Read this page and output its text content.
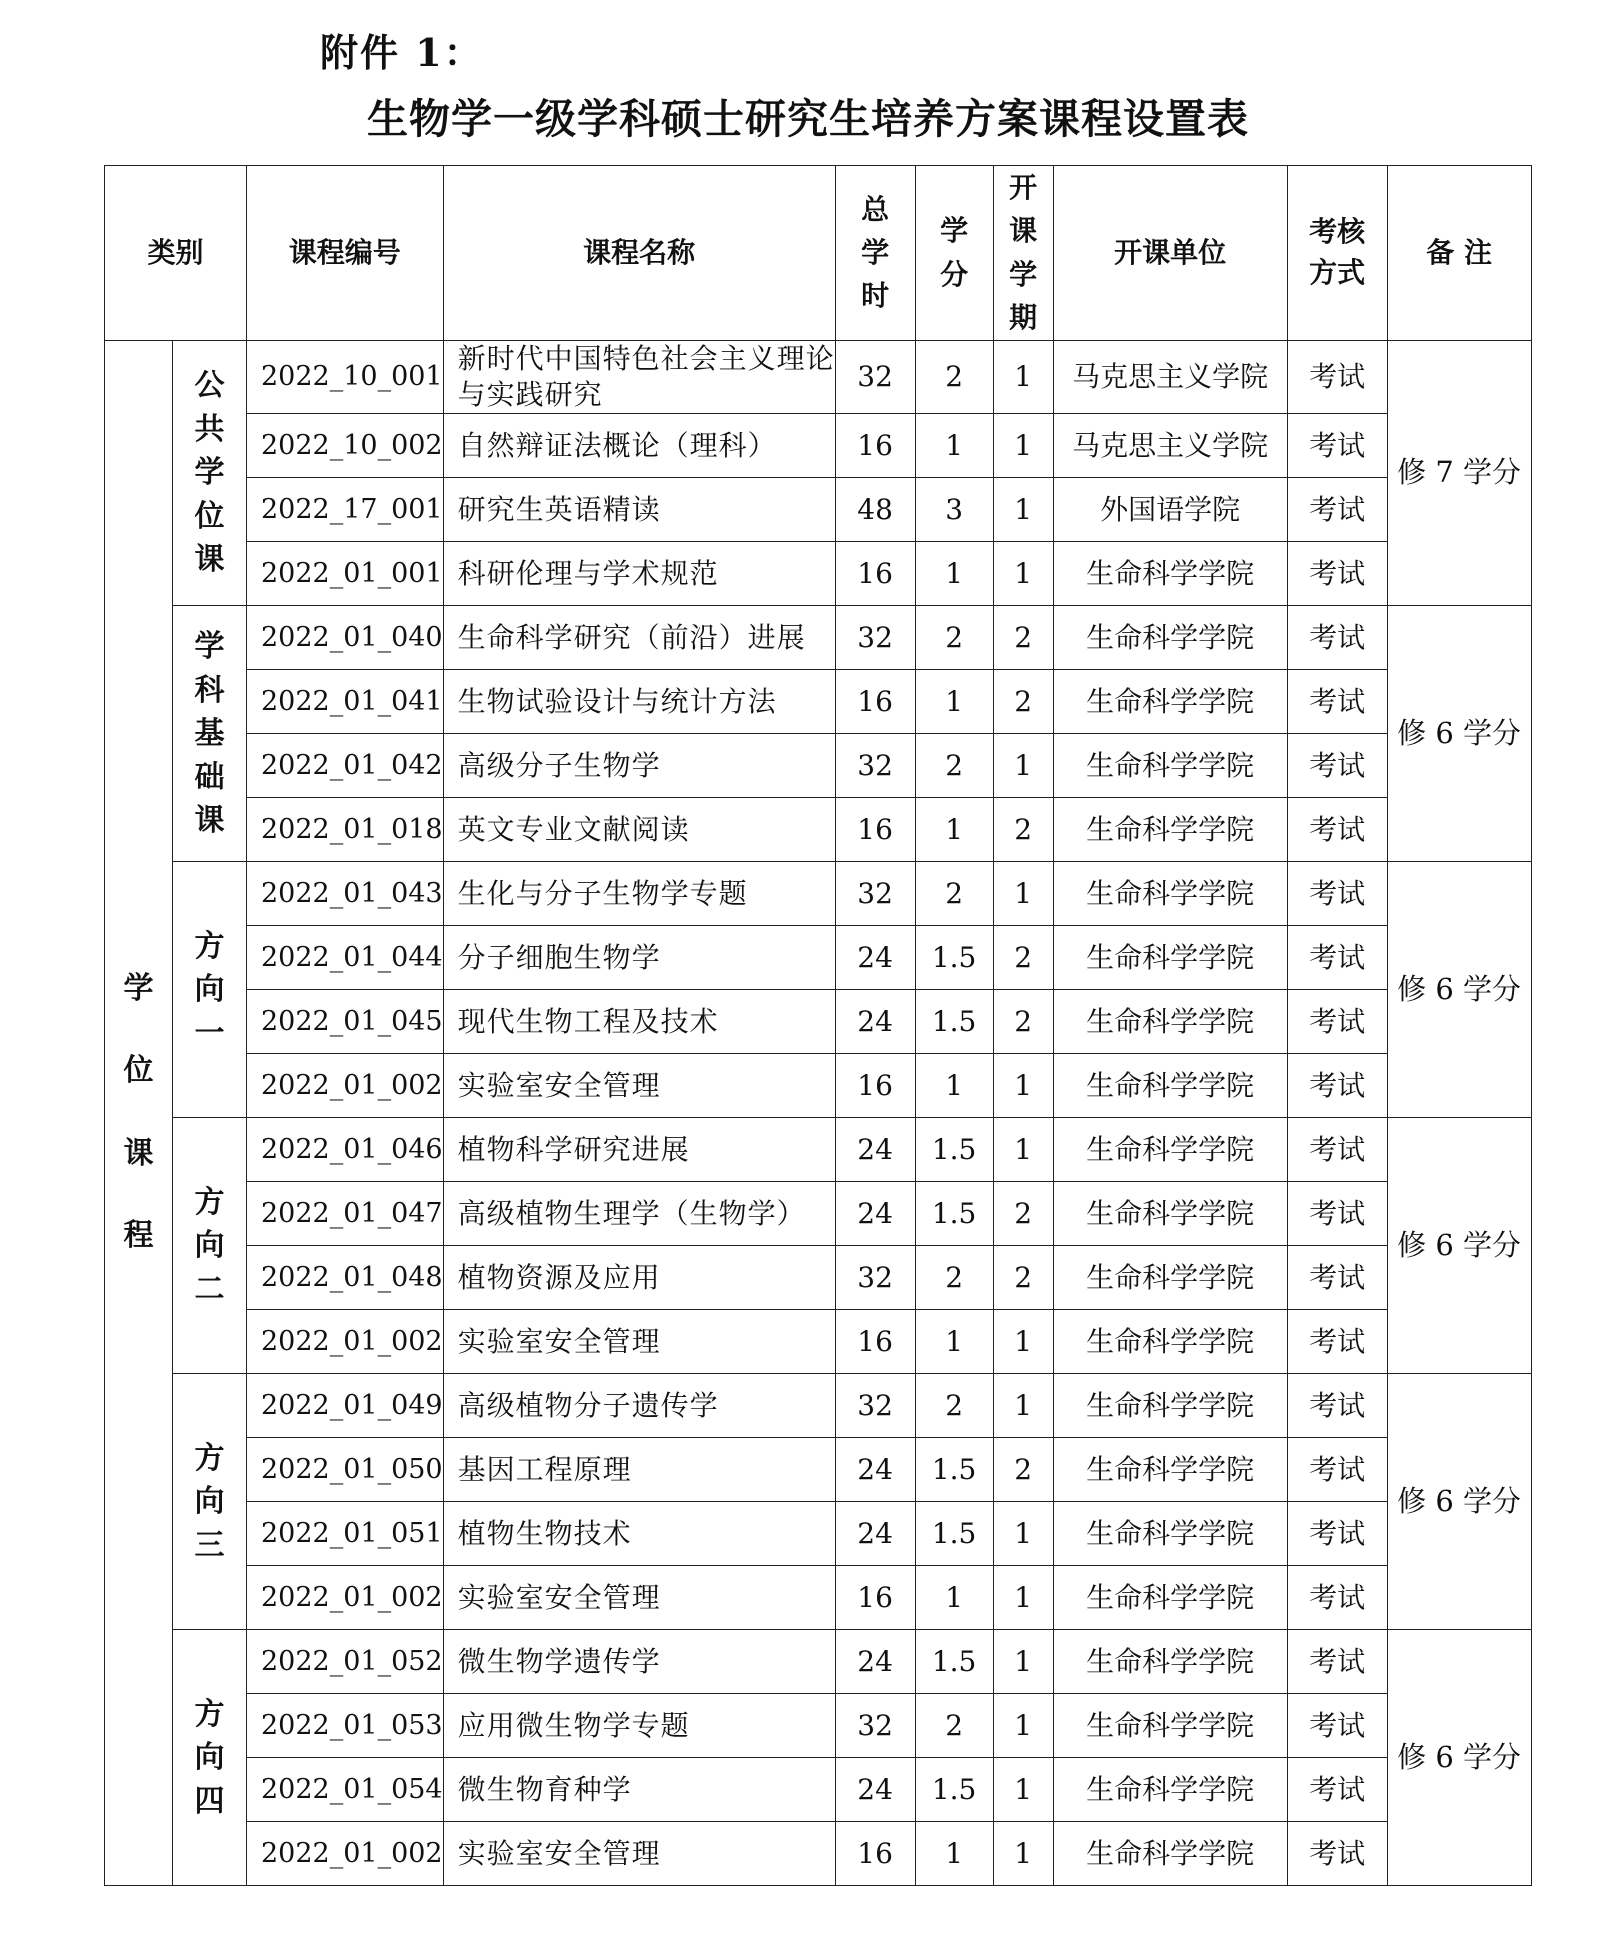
附件 1：
生物学一级学科硕士研究生培养方案课程设置表
类别		课程编号	课程名称	总学时	学分	开课学期	开课单位	考核方式	备 注
学位课程	公共学位课	2022_10_001	新时代中国特色社会主义理论与实践研究	32	2	1	马克思主义学院	考试	修 7 学分
		2022_10_002	自然辩证法概论（理科）	16	1	1	马克思主义学院	考试	
		2022_17_001	研究生英语精读	48	3	1	外国语学院	考试	
		2022_01_001	科研伦理与学术规范	16	1	1	生命科学学院	考试	
	学科基础课	2022_01_040	生命科学研究（前沿）进展	32	2	2	生命科学学院	考试	修 6 学分
		2022_01_041	生物试验设计与统计方法	16	1	2	生命科学学院	考试	
		2022_01_042	高级分子生物学	32	2	1	生命科学学院	考试	
		2022_01_018	英文专业文献阅读	16	1	2	生命科学学院	考试	
	方向一	2022_01_043	生化与分子生物学专题	32	2	1	生命科学学院	考试	修 6 学分
		2022_01_044	分子细胞生物学	24	1.5	2	生命科学学院	考试	
		2022_01_045	现代生物工程及技术	24	1.5	2	生命科学学院	考试	
		2022_01_002	实验室安全管理	16	1	1	生命科学学院	考试	
	方向二	2022_01_046	植物科学研究进展	24	1.5	1	生命科学学院	考试	修 6 学分
		2022_01_047	高级植物生理学（生物学）	24	1.5	2	生命科学学院	考试	
		2022_01_048	植物资源及应用	32	2	2	生命科学学院	考试	
		2022_01_002	实验室安全管理	16	1	1	生命科学学院	考试	
	方向三	2022_01_049	高级植物分子遗传学	32	2	1	生命科学学院	考试	修 6 学分
		2022_01_050	基因工程原理	24	1.5	2	生命科学学院	考试	
		2022_01_051	植物生物技术	24	1.5	1	生命科学学院	考试	
		2022_01_002	实验室安全管理	16	1	1	生命科学学院	考试	
	方向四	2022_01_052	微生物学遗传学	24	1.5	1	生命科学学院	考试	修 6 学分
		2022_01_053	应用微生物学专题	32	2	1	生命科学学院	考试	
		2022_01_054	微生物育种学	24	1.5	1	生命科学学院	考试	
		2022_01_002	实验室安全管理	16	1	1	生命科学学院	考试	
